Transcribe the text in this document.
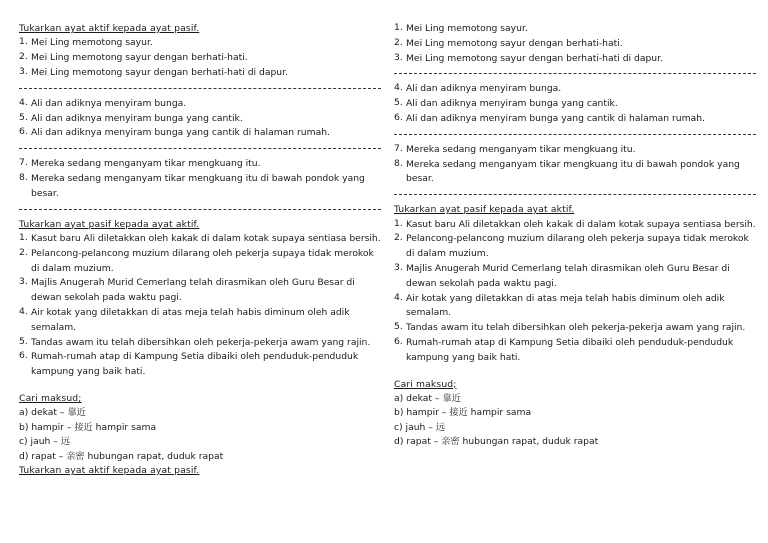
Tukarkan ayat aktif kepada ayat pasif.
1. Mei Ling memotong sayur.
2. Mei Ling memotong sayur dengan berhati-hati.
3. Mei Ling memotong sayur dengan berhati-hati di dapur.
4. Ali dan adiknya menyiram bunga.
5. Ali dan adiknya menyiram bunga yang cantik.
6. Ali dan adiknya menyiram bunga yang cantik di halaman rumah.
7. Mereka sedang menganyam tikar mengkuang itu.
8. Mereka sedang menganyam tikar mengkuang itu di bawah pondok yang besar.
Tukarkan ayat pasif kepada ayat aktif.
1. Kasut baru Ali diletakkan oleh kakak di dalam kotak supaya sentiasa bersih.
2. Pelancong-pelancong muzium dilarang oleh pekerja supaya tidak merokok di dalam muzium.
3. Majlis Anugerah Murid Cemerlang telah dirasmikan oleh Guru Besar di dewan sekolah pada waktu pagi.
4. Air kotak yang diletakkan di atas meja telah habis diminum oleh adik semalam.
5. Tandas awam itu telah dibersihkan oleh pekerja-pekerja awam yang rajin.
6. Rumah-rumah atap di Kampung Setia dibaiki oleh penduduk-penduduk kampung yang baik hati.
Cari maksud;
a) dekat – 靠近
b) hampir – 接近 hampir sama
c) jauh – 远
d) rapat – 亲密 hubungan rapat, duduk rapat
Tukarkan ayat aktif kepada ayat pasif.
1. Mei Ling memotong sayur.
2. Mei Ling memotong sayur dengan berhati-hati.
3. Mei Ling memotong sayur dengan berhati-hati di dapur.
4. Ali dan adiknya menyiram bunga.
5. Ali dan adiknya menyiram bunga yang cantik.
6. Ali dan adiknya menyiram bunga yang cantik di halaman rumah.
7. Mereka sedang menganyam tikar mengkuang itu.
8. Mereka sedang menganyam tikar mengkuang itu di bawah pondok yang besar.
Tukarkan ayat pasif kepada ayat aktif.
1. Kasut baru Ali diletakkan oleh kakak di dalam kotak supaya sentiasa bersih.
2. Pelancong-pelancong muzium dilarang oleh pekerja supaya tidak merokok di dalam muzium.
3. Majlis Anugerah Murid Cemerlang telah dirasmikan oleh Guru Besar di dewan sekolah pada waktu pagi.
4. Air kotak yang diletakkan di atas meja telah habis diminum oleh adik semalam.
5. Tandas awam itu telah dibersihkan oleh pekerja-pekerja awam yang rajin.
6. Rumah-rumah atap di Kampung Setia dibaiki oleh penduduk-penduduk kampung yang baik hati.
Cari maksud;
a) dekat – 靠近
b) hampir – 接近 hampir sama
c) jauh – 远
d) rapat – 亲密 hubungan rapat, duduk rapat
